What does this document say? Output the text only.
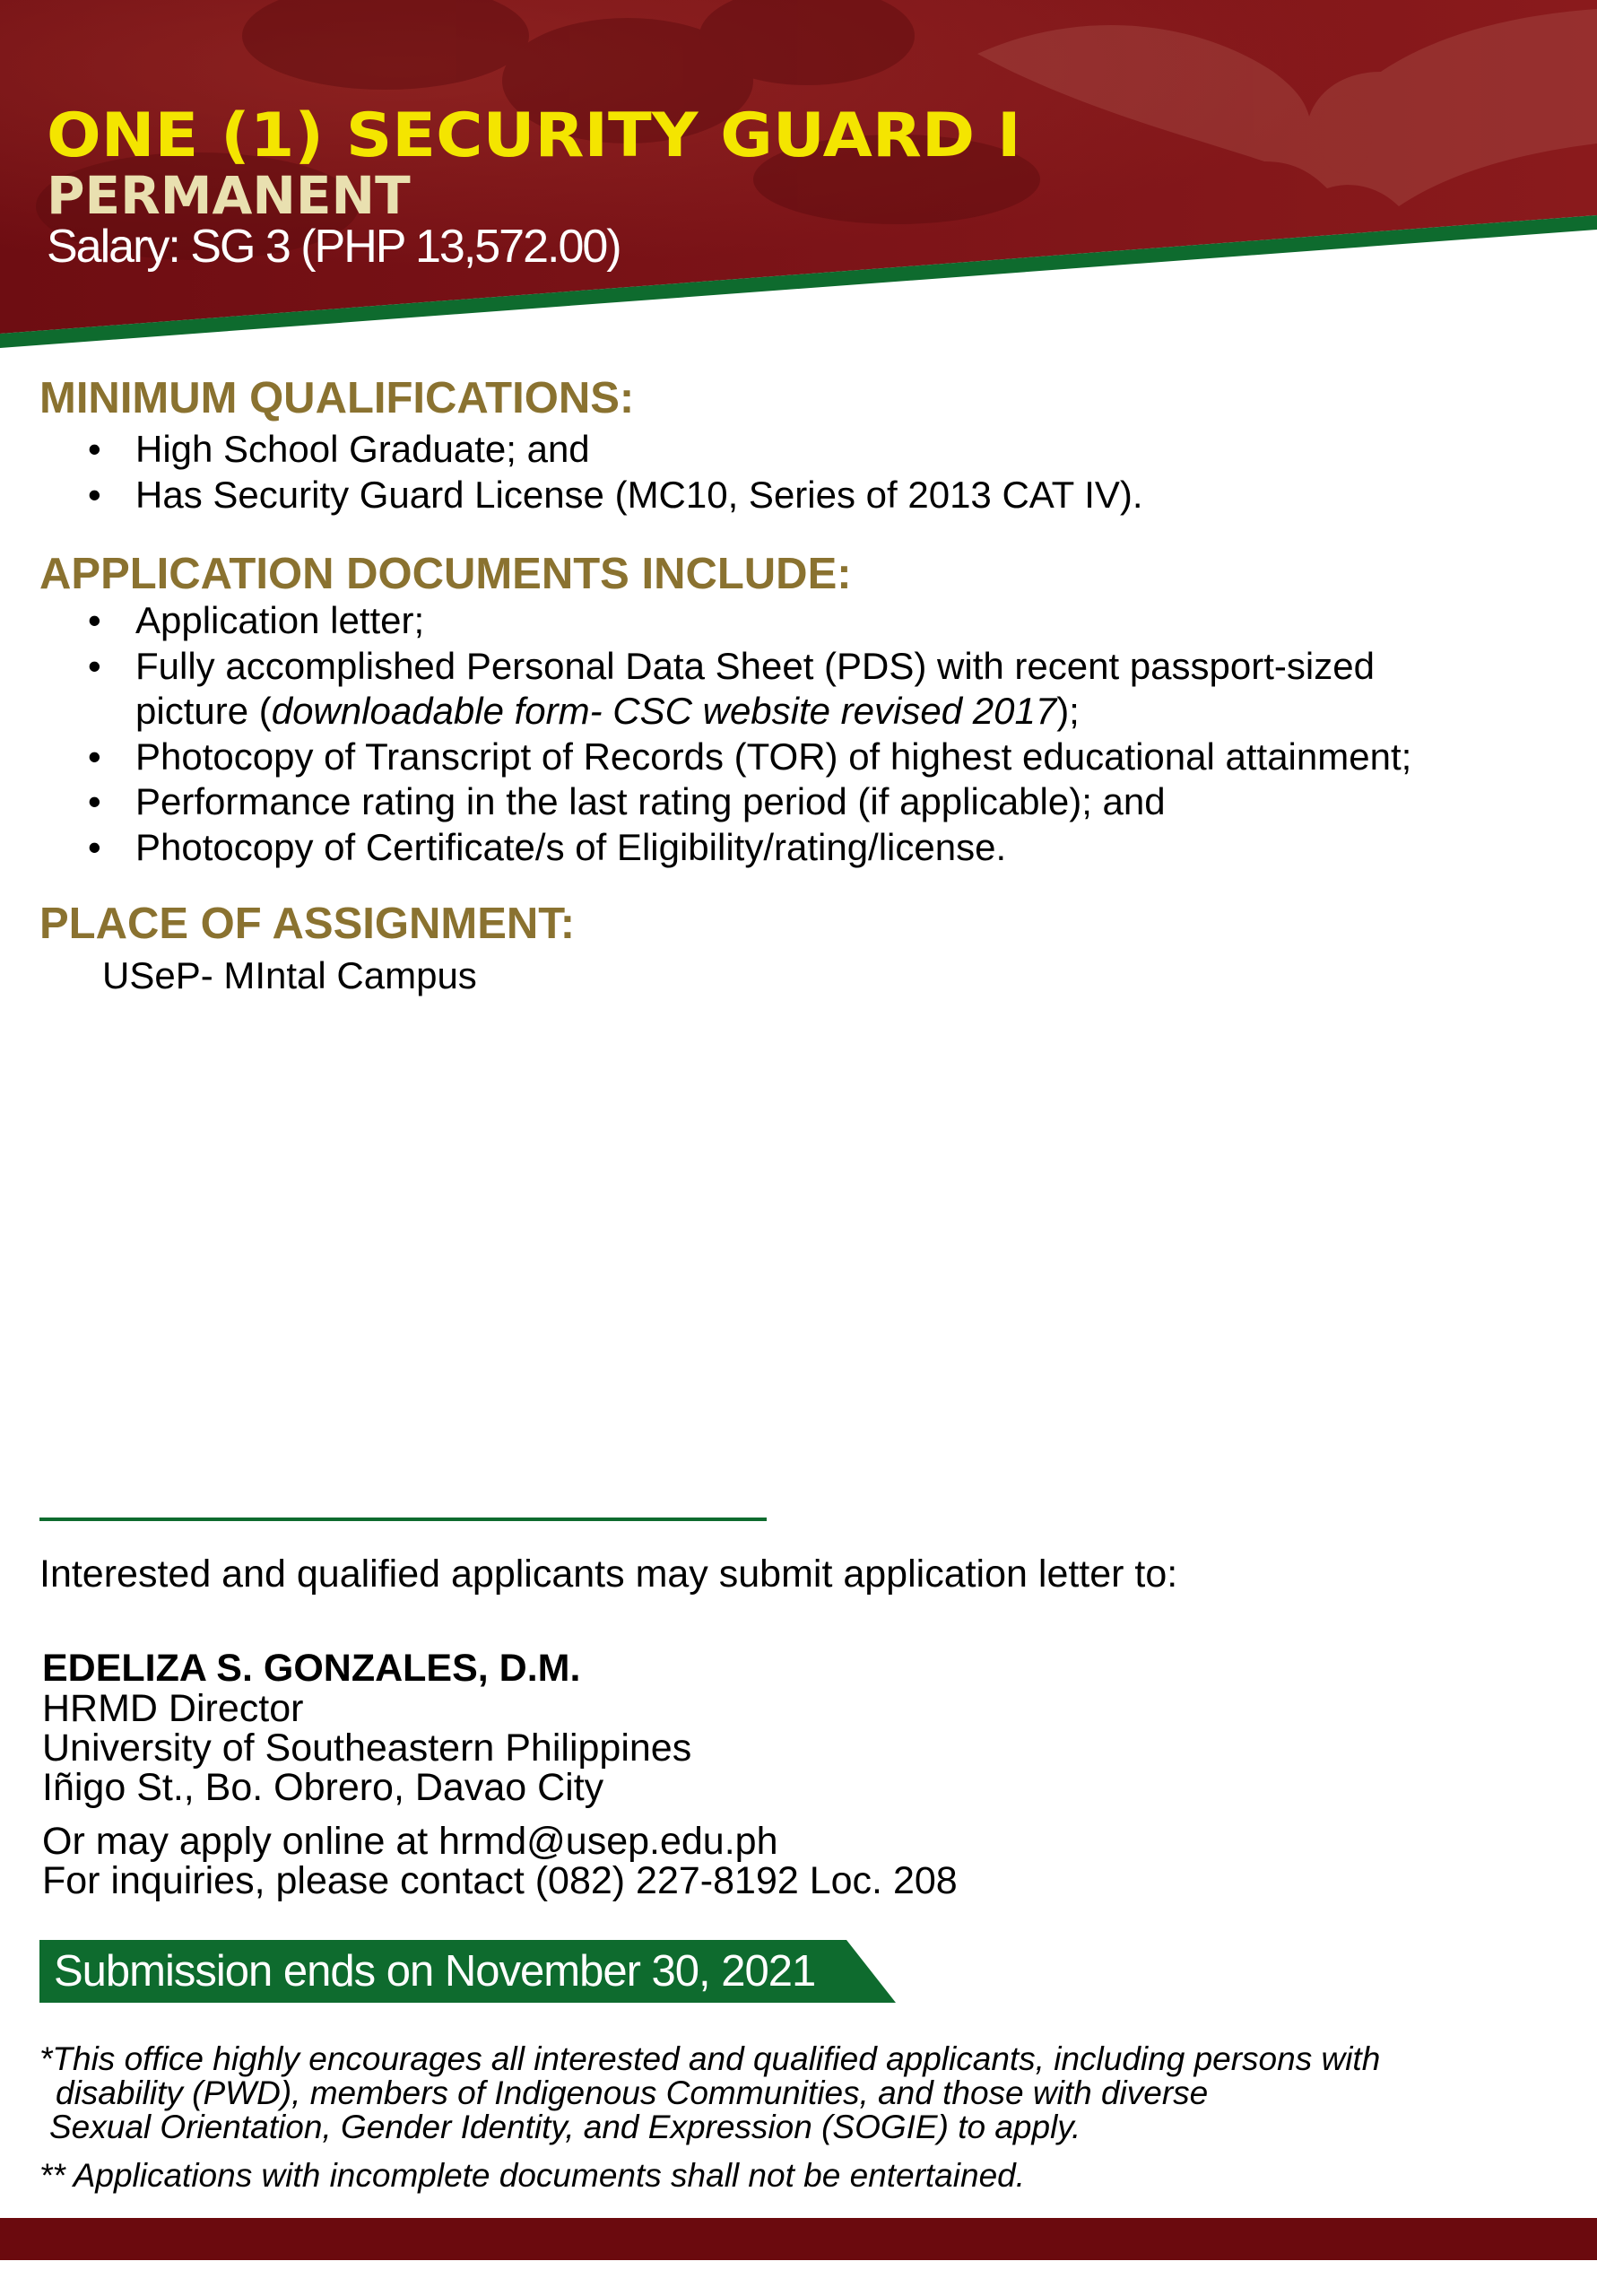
ONE (1) SECURITY GUARD I
PERMANENT
Salary: SG 3 (PHP 13,572.00)
MINIMUM QUALIFICATIONS:
• High School Graduate; and
• Has Security Guard License (MC10, Series of 2013 CAT IV).
APPLICATION DOCUMENTS INCLUDE:
• Application letter;
• Fully accomplished Personal Data Sheet (PDS) with recent passport-sized
picture (downloadable form- CSC website revised 2017);
• Photocopy of Transcript of Records (TOR) of highest educational attainment;
• Performance rating in the last rating period (if applicable); and
• Photocopy of Certificate/s of Eligibility/rating/license.
PLACE OF ASSIGNMENT:
USeP- MIntal Campus
Interested and qualified applicants may submit application letter to:
EDELIZA S. GONZALES, D.M.
HRMD Director
University of Southeastern Philippines
Iñigo St., Bo. Obrero, Davao City
Or may apply online at hrmd@usep.edu.ph
For inquiries, please contact (082) 227-8192 Loc. 208
Submission ends on November 30, 2021
*This office highly encourages all interested and qualified applicants, including persons with
disability (PWD), members of Indigenous Communities, and those with diverse
Sexual Orientation, Gender Identity, and Expression (SOGIE) to apply.
** Applications with incomplete documents shall not be entertained.
